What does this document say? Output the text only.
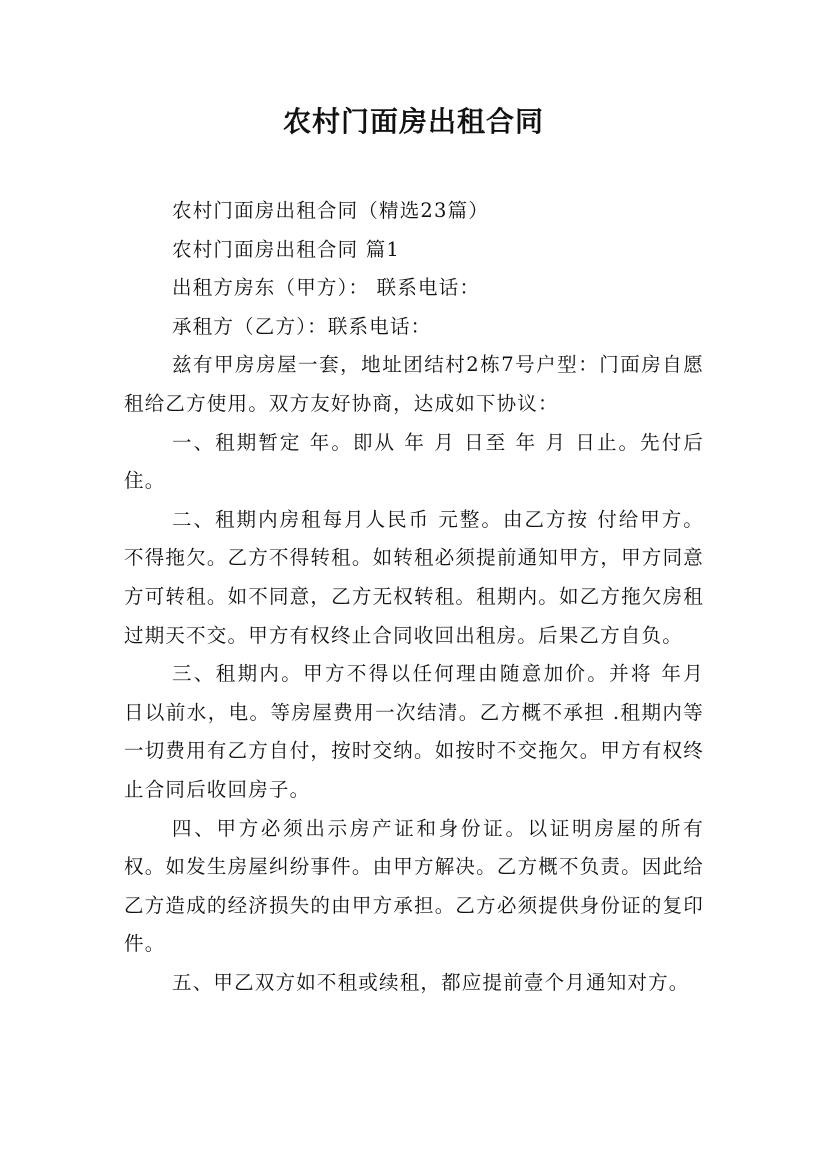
农村门面房出租合同

农村门面房出租合同（精选23篇）

农村门面房出租合同 篇1

出租方房东（甲方）： 联系电话：

承租方（乙方）：联系电话：

兹有甲房房屋一套，地址团结村2栋7号户型：门面房自愿租给乙方使用。双方友好协商，达成如下协议：

一、租期暂定 年。即从 年 月 日至 年 月 日止。先付后住。

二、租期内房租每月人民币 元整。由乙方按 付给甲方。不得拖欠。乙方不得转租。如转租必须提前通知甲方，甲方同意方可转租。如不同意，乙方无权转租。租期内。如乙方拖欠房租过期天不交。甲方有权终止合同收回出租房。后果乙方自负。

三、租期内。甲方不得以任何理由随意加价。并将 年月 日以前水，电。等房屋费用一次结清。乙方概不承担 .租期内等一切费用有乙方自付，按时交纳。如按时不交拖欠。甲方有权终止合同后收回房子。

四、甲方必须出示房产证和身份证。以证明房屋的所有权。如发生房屋纠纷事件。由甲方解决。乙方概不负责。因此给乙方造成的经济损失的由甲方承担。乙方必须提供身份证的复印件。

五、甲乙双方如不租或续租，都应提前壹个月通知对方。
